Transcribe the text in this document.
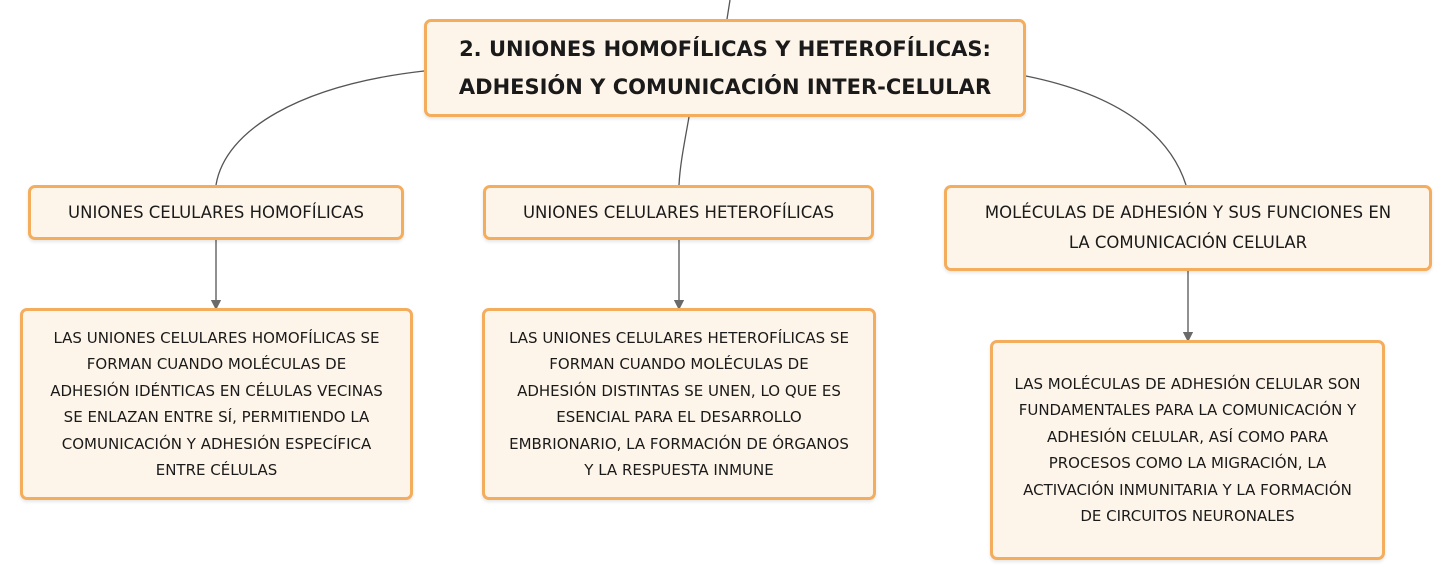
2. UNIONES HOMOFÍLICAS Y HETEROFÍLICAS:
ADHESIÓN Y COMUNICACIÓN INTER-CELULAR
UNIONES CELULARES HOMOFÍLICAS	UNIONES CELULARES HETEROFÍLICAS	MOLÉCULAS DE ADHESIÓN Y SUS FUNCIONES EN
LA COMUNICACIÓN CELULAR
LAS UNIONES CELULARES HOMOFÍLICAS SE
FORMAN CUANDO MOLÉCULAS DE
ADHESIÓN IDÉNTICAS EN CÉLULAS VECINAS
SE ENLAZAN ENTRE SÍ, PERMITIENDO LA
COMUNICACIÓN Y ADHESIÓN ESPECÍFICA
ENTRE CÉLULAS
LAS UNIONES CELULARES HETEROFÍLICAS SE
FORMAN CUANDO MOLÉCULAS DE
ADHESIÓN DISTINTAS SE UNEN, LO QUE ES
ESENCIAL PARA EL DESARROLLO
EMBRIONARIO, LA FORMACIÓN DE ÓRGANOS
Y LA RESPUESTA INMUNE
LAS MOLÉCULAS DE ADHESIÓN CELULAR SON
FUNDAMENTALES PARA LA COMUNICACIÓN Y
ADHESIÓN CELULAR, ASÍ COMO PARA
PROCESOS COMO LA MIGRACIÓN, LA
ACTIVACIÓN INMUNITARIA Y LA FORMACIÓN
DE CIRCUITOS NEURONALES
